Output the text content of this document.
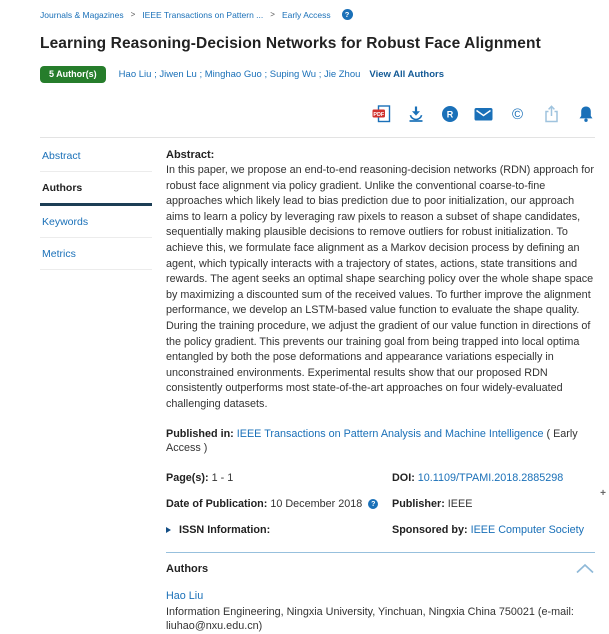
Journals & Magazines > IEEE Transactions on Pattern ... > Early Access	?
Learning Reasoning-Decision Networks for Robust Face Alignment
5 Author(s)	Hao Liu ; Jiwen Lu ; Minghao Guo ; Suping Wu ; Jie Zhou View All Authors
PDF	R	©
Abstract
Authors
Keywords
Metrics
Abstract:
In this paper, we propose an end-to-end reasoning-decision networks (RDN) approach for robust face alignment via policy gradient. Unlike the conventional coarse-to-fine approaches which likely lead to bias prediction due to poor initialization, our approach aims to learn a policy by leveraging raw pixels to reason a subset of shape candidates, sequentially making plausible decisions to remove outliers for robust initialization. To achieve this, we formulate face alignment as a Markov decision process by defining an agent, which typically interacts with a trajectory of states, actions, state transitions and rewards. The agent seeks an optimal shape searching policy over the whole shape space by maximizing a discounted sum of the received values. To further improve the alignment performance, we develop an LSTM-based value function to evaluate the shape quality. During the training procedure, we adjust the gradient of our value function in directions of the policy gradient. This prevents our training goal from being trapped into local optima entangled by both the pose deformations and appearance variations especially in unconstrained environments. Experimental results show that our proposed RDN consistently outperforms most state-of-the-art approaches on four widely-evaluated challenging datasets.
Published in: IEEE Transactions on Pattern Analysis and Machine Intelligence ( Early Access )
Page(s): 1 - 1	DOI: 10.1109/TPAMI.2018.2885298
Date of Publication: 10 December 2018 ?	Publisher: IEEE
ISSN Information:	Sponsored by: IEEE Computer Society
Authors
Hao Liu
Information Engineering, Ningxia University, Yinchuan, Ningxia China 750021 (e-mail: liuhao@nxu.edu.cn)
+
